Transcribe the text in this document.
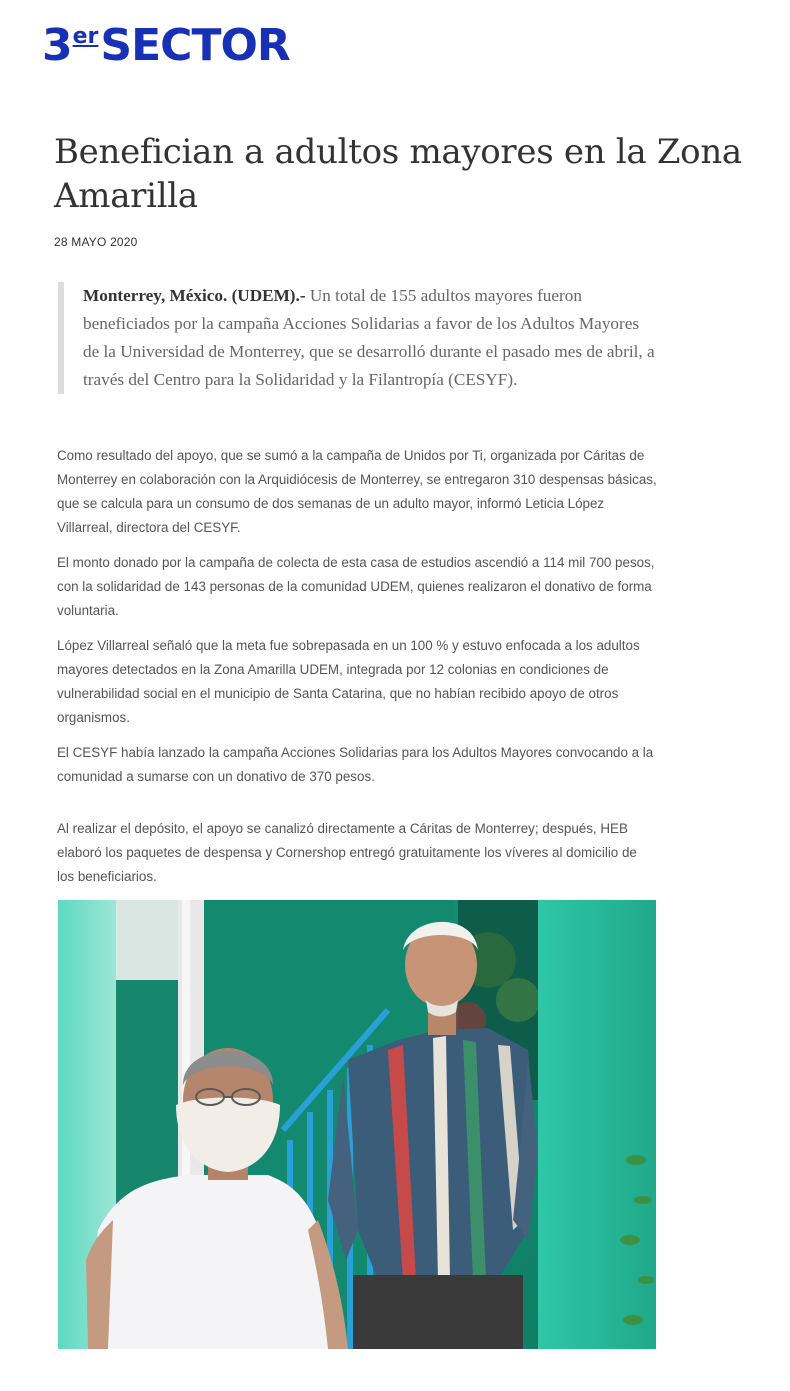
3 er SECTOR
Benefician a adultos mayores en la Zona Amarilla
28 MAYO 2020
Monterrey, México. (UDEM).- Un total de 155 adultos mayores fueron beneficiados por la campaña Acciones Solidarias a favor de los Adultos Mayores de la Universidad de Monterrey, que se desarrolló durante el pasado mes de abril, a través del Centro para la Solidaridad y la Filantropía (CESYF).

Como resultado del apoyo, que se sumó a la campaña de Unidos por Ti, organizada por Cáritas de Monterrey en colaboración con la Arquidiócesis de Monterrey, se entregaron 310 despensas básicas, que se calcula para un consumo de dos semanas de un adulto mayor, informó Leticia López Villarreal, directora del CESYF.

El monto donado por la campaña de colecta de esta casa de estudios ascendió a 114 mil 700 pesos, con la solidaridad de 143 personas de la comunidad UDEM, quienes realizaron el donativo de forma voluntaria.

López Villarreal señaló que la meta fue sobrepasada en un 100 % y estuvo enfocada a los adultos mayores detectados en la Zona Amarilla UDEM, integrada por 12 colonias en condiciones de vulnerabilidad social en el municipio de Santa Catarina, que no habían recibido apoyo de otros organismos.

El CESYF había lanzado la campaña Acciones Solidarias para los Adultos Mayores convocando a la comunidad a sumarse con un donativo de 370 pesos.

Al realizar el depósito, el apoyo se canalizó directamente a Cáritas de Monterrey; después, HEB elaboró los paquetes de despensa y Cornershop entregó gratuitamente los víveres al domicilio de los beneficiarios.
